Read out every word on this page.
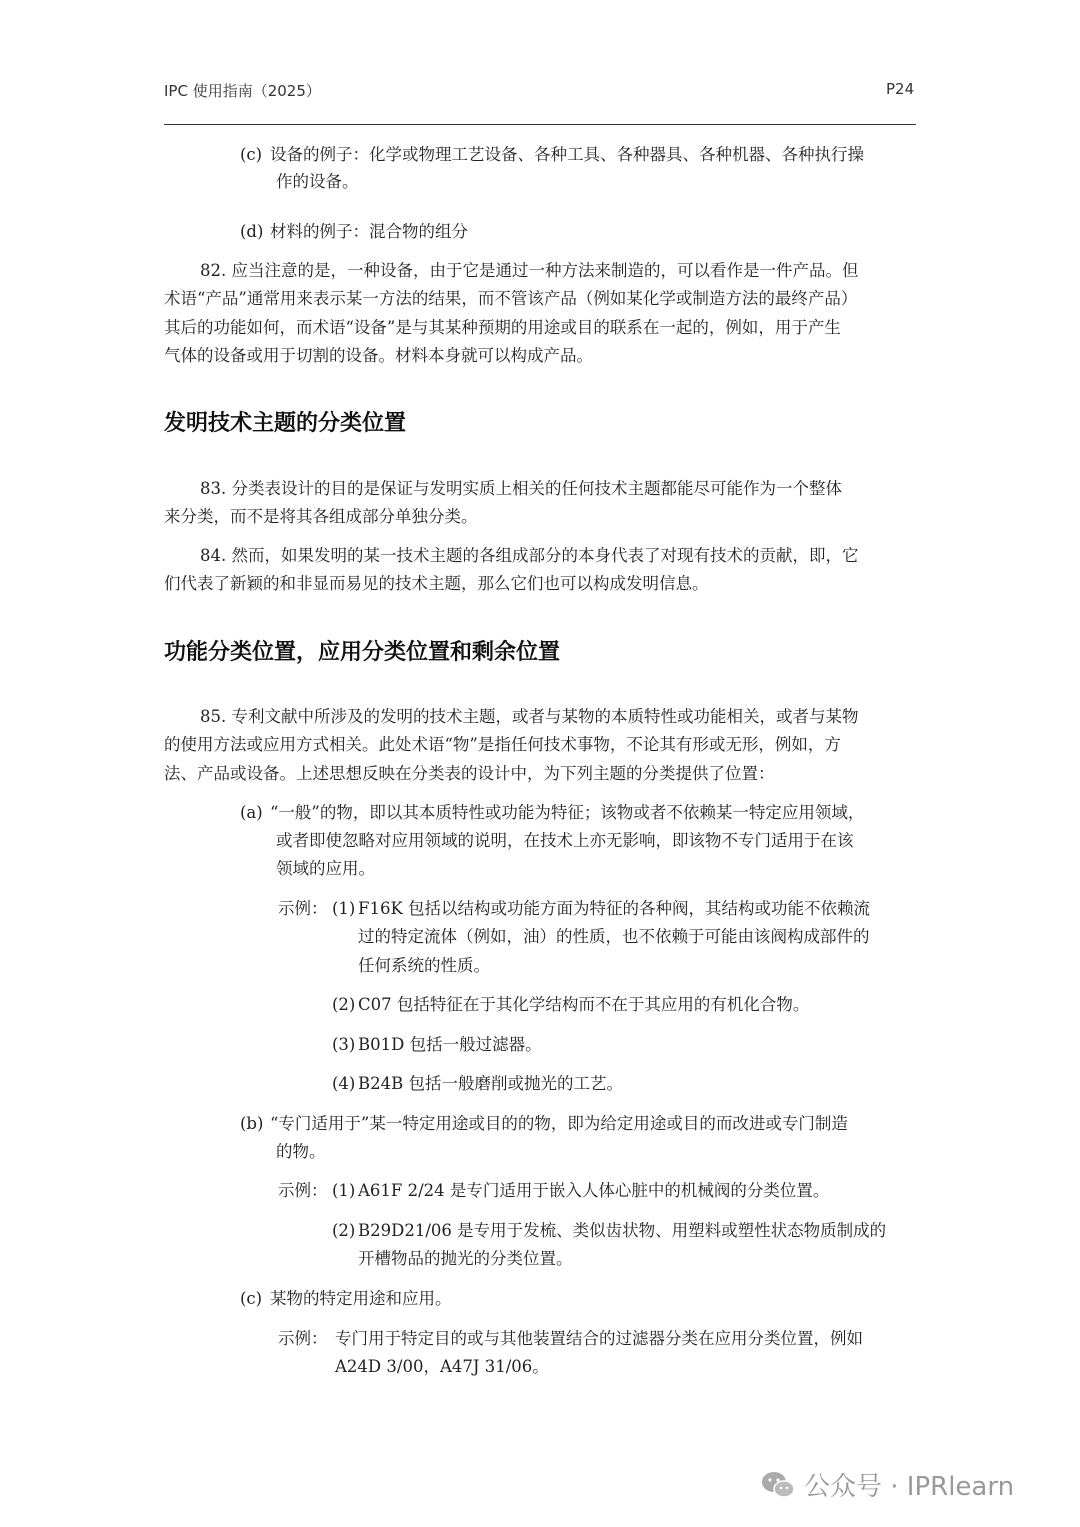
IPC 使用指南（2025）	P24
(c) 设备的例子：化学或物理工艺设备、各种工具、各种器具、各种机器、各种执行操
作的设备。
(d) 材料的例子：混合物的组分
82. 应当注意的是，一种设备，由于它是通过一种方法来制造的，可以看作是一件产品。但
术语“产品”通常用来表示某一方法的结果，而不管该产品（例如某化学或制造方法的最终产品）
其后的功能如何，而术语“设备”是与其某种预期的用途或目的联系在一起的，例如，用于产生
气体的设备或用于切割的设备。材料本身就可以构成产品。
发明技术主题的分类位置
83. 分类表设计的目的是保证与发明实质上相关的任何技术主题都能尽可能作为一个整体
来分类，而不是将其各组成部分单独分类。
84. 然而，如果发明的某一技术主题的各组成部分的本身代表了对现有技术的贡献，即，它
们代表了新颖的和非显而易见的技术主题，那么它们也可以构成发明信息。
功能分类位置，应用分类位置和剩余位置
85. 专利文献中所涉及的发明的技术主题，或者与某物的本质特性或功能相关，或者与某物
的使用方法或应用方式相关。此处术语“物”是指任何技术事物，不论其有形或无形，例如，方
法、产品或设备。上述思想反映在分类表的设计中，为下列主题的分类提供了位置：
(a) “一般”的物，即以其本质特性或功能为特征；该物或者不依赖某一特定应用领域，
或者即使忽略对应用领域的说明，在技术上亦无影响，即该物不专门适用于在该
领域的应用。
示例： (1) F16K 包括以结构或功能方面为特征的各种阀，其结构或功能不依赖流
过的特定流体（例如，油）的性质，也不依赖于可能由该阀构成部件的
任何系统的性质。
(2) C07 包括特征在于其化学结构而不在于其应用的有机化合物。
(3) B01D 包括一般过滤器。
(4) B24B 包括一般磨削或抛光的工艺。
(b) “专门适用于”某一特定用途或目的的物，即为给定用途或目的而改进或专门制造
的物。
示例： (1) A61F 2/24 是专门适用于嵌入人体心脏中的机械阀的分类位置。
(2) B29D21/06 是专用于发梳、类似齿状物、用塑料或塑性状态物质制成的
开槽物品的抛光的分类位置。
(c) 某物的特定用途和应用。
示例： 专门用于特定目的或与其他装置结合的过滤器分类在应用分类位置，例如
A24D 3/00，A47J 31/06。
公众号 · IPRlearn
